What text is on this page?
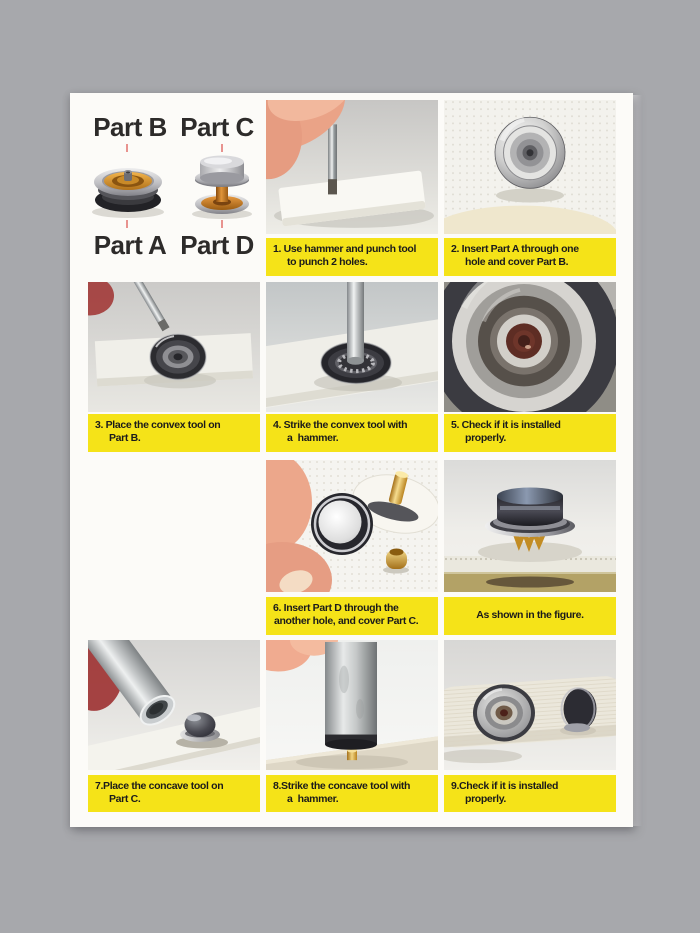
Part B Part C
Part A Part D	1. Use hammer and punch tool
to punch 2 holes.
2. Insert Part A through one
hole and cover Part B.
3. Place the convex tool on
Part B.
4. Strike the convex tool with
a  hammer.
5. Check if it is installed
properly.
6. Insert Part D through the
another hole, and cover Part C.	As shown in the figure.
7.Place the concave tool on
Part C.
8.Strike the concave tool with
a  hammer.
9.Check if it is installed
properly.
